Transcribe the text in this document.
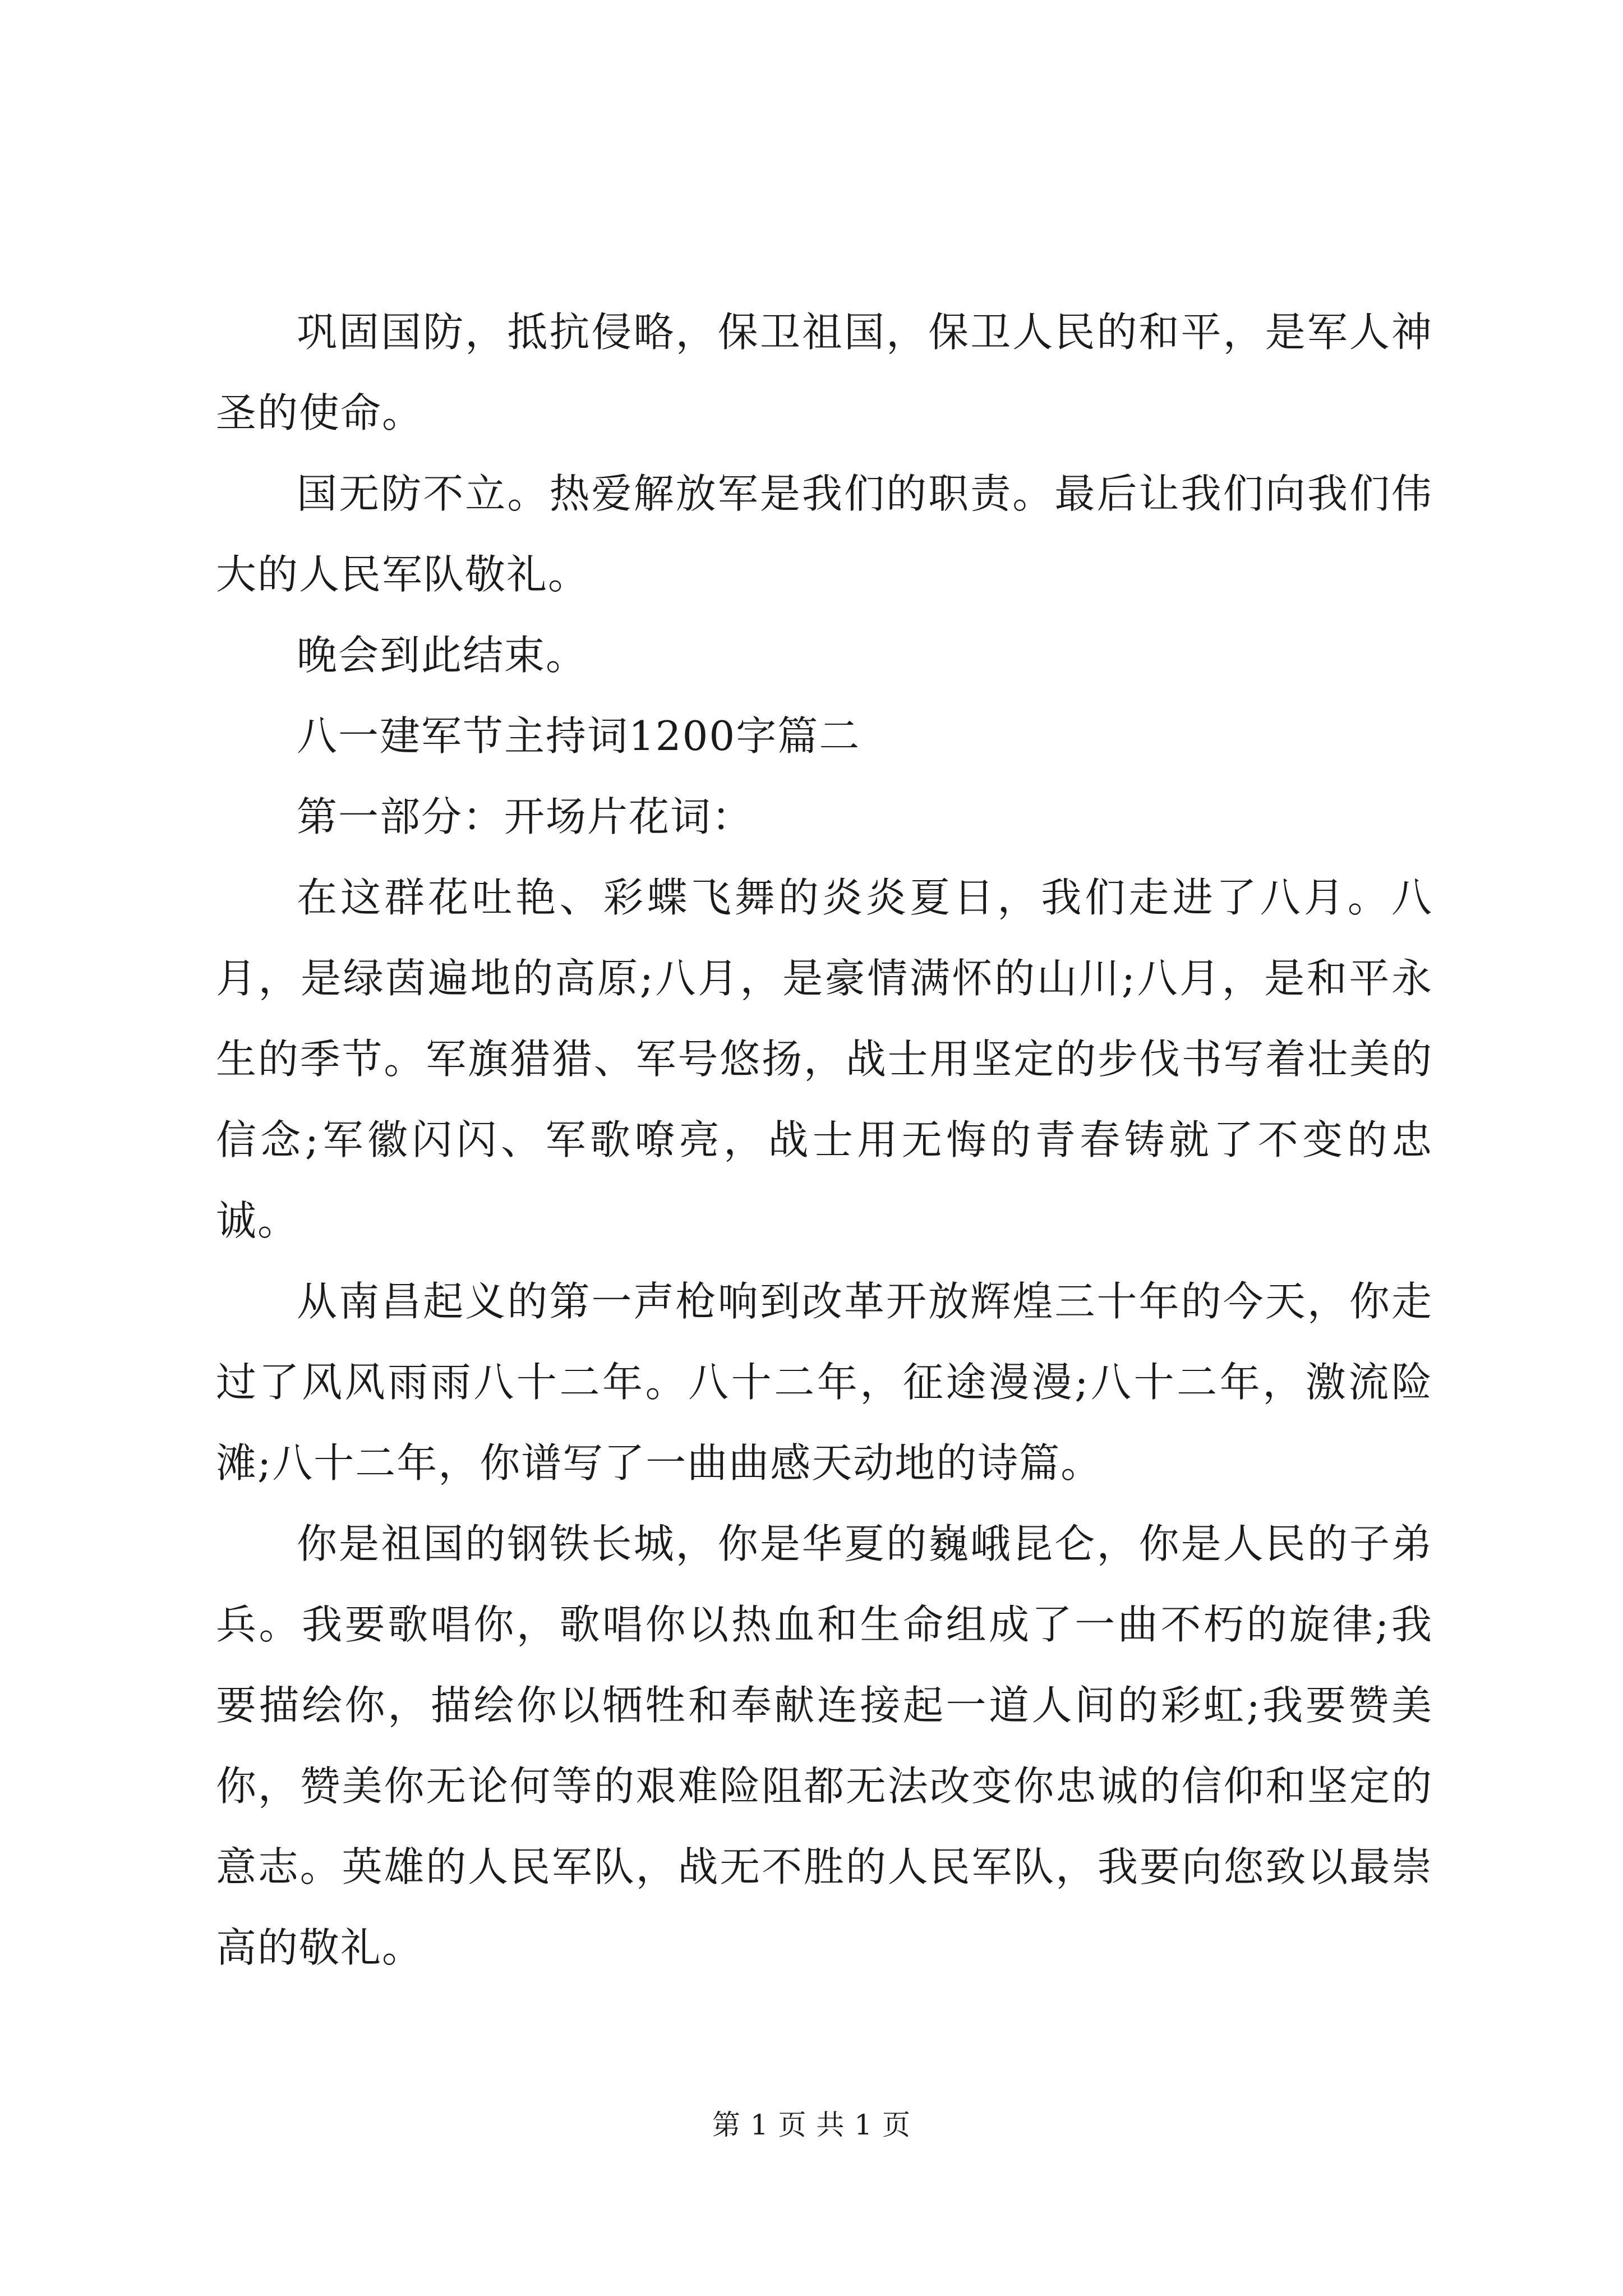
巩固国防，抵抗侵略，保卫祖国，保卫人民的和平，是军人神圣的使命。

国无防不立。热爱解放军是我们的职责。最后让我们向我们伟大的人民军队敬礼。

晚会到此结束。

八一建军节主持词1200字篇二

第一部分：开场片花词：

在这群花吐艳、彩蝶飞舞的炎炎夏日，我们走进了八月。八月，是绿茵遍地的高原;八月，是豪情满怀的山川;八月，是和平永生的季节。军旗猎猎、军号悠扬，战士用坚定的步伐书写着壮美的信念;军徽闪闪、军歌嘹亮，战士用无悔的青春铸就了不变的忠诚。

从南昌起义的第一声枪响到改革开放辉煌三十年的今天，你走过了风风雨雨八十二年。八十二年，征途漫漫;八十二年，激流险滩;八十二年，你谱写了一曲曲感天动地的诗篇。

你是祖国的钢铁长城，你是华夏的巍峨昆仑，你是人民的子弟兵。我要歌唱你，歌唱你以热血和生命组成了一曲不朽的旋律;我要描绘你，描绘你以牺牲和奉献连接起一道人间的彩虹;我要赞美你，赞美你无论何等的艰难险阻都无法改变你忠诚的信仰和坚定的意志。英雄的人民军队，战无不胜的人民军队，我要向您致以最崇高的敬礼。

第 1 页 共 1 页
